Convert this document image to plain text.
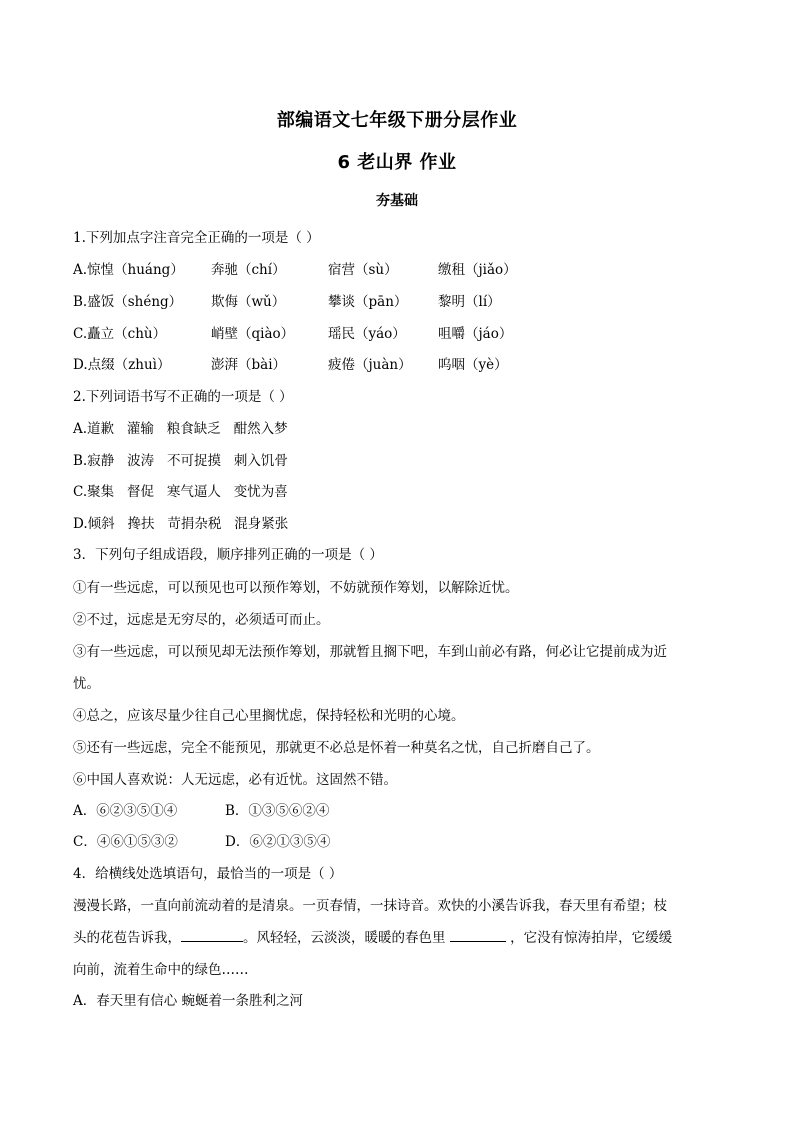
部编语文七年级下册分层作业
6 老山界 作业
夯基础
1.下列加点字注音完全正确的一项是（ ）
A.惊惶（huáng） 奔驰（chí）	宿营（sù）	缴租（jiǎo）
B.盛饭（shéng） 欺侮（wǔ）	攀谈（pān） 黎明（lí）
C.矗立（chù）	峭壁（qiào）	瑶民（yáo） 咀嚼（jáo）
D.点缀（zhuì）	澎湃（bài）	疲倦（juàn） 呜咽（yè）
2.下列词语书写不正确的一项是（ ）
A.道歉   灌输   粮食缺乏   酣然入梦
B.寂静   波涛   不可捉摸   刺入饥骨
C.聚集   督促   寒气逼人   变忧为喜
D.倾斜   搀扶   苛捐杂税   混身紧张
3．下列句子组成语段，顺序排列正确的一项是（ ）
①有一些远虑，可以预见也可以预作筹划，不妨就预作筹划，以解除近忧。
②不过，远虑是无穷尽的，必须适可而止。
③有一些远虑，可以预见却无法预作筹划，那就暂且搁下吧，车到山前必有路，何必让它提前成为近
忧。
④总之，应该尽量少往自己心里搁忧虑，保持轻松和光明的心境。
⑤还有一些远虑，完全不能预见，那就更不必总是怀着一种莫名之忧，自己折磨自己了。
⑥中国人喜欢说：人无远虑，必有近忧。这固然不错。
A．⑥②③⑤①④	B．①③⑤⑥②④
C．④⑥①⑤③②	D．⑥②①③⑤④
4．给横线处选填语句，最恰当的一项是（ ）
漫漫长路，一直向前流动着的是清泉。一页春情，一抹诗音。欢快的小溪告诉我，春天里有希望；枝
头的花苞告诉我，	。风轻轻，云淡淡，暖暖的春色里	，它没有惊涛拍岸，它缓缓
向前，流着生命中的绿色……
A．春天里有信心 蜿蜒着一条胜利之河
